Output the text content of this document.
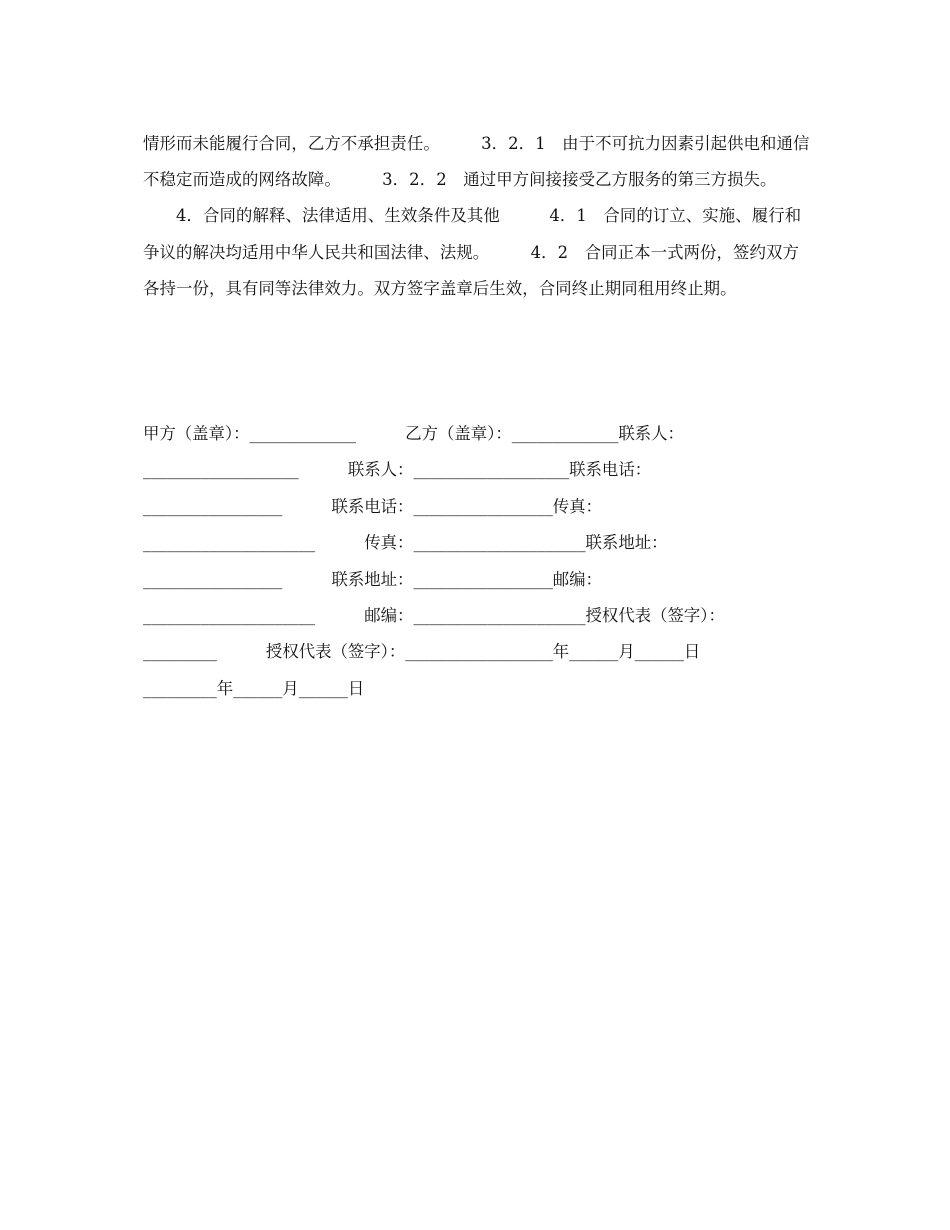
情形而未能履行合同，乙方不承担责任。　　　3．2．1　由于不可抗力因素引起供电和通信不稳定而造成的网络故障。　　　3．2．2　通过甲方间接接受乙方服务的第三方损失。

4．合同的解释、法律适用、生效条件及其他　　　4．1　合同的订立、实施、履行和争议的解决均适用中华人民共和国法律、法规。　　　4．2　合同正本一式两份，签约双方各持一份，具有同等法律效力。双方签字盖章后生效，合同终止期同租用终止期。

甲方（盖章）：_____________　　　乙方（盖章）：_____________联系人：
___________________　　　联系人：___________________联系电话：
_________________　　　联系电话：_________________传真：
_____________________　　　传真：_____________________联系地址：
_________________　　　联系地址：_________________邮编：
_____________________　　　邮编：_____________________授权代表（签字）：
_________　　　授权代表（签字）：__________________年______月______日
_________年______月______日
